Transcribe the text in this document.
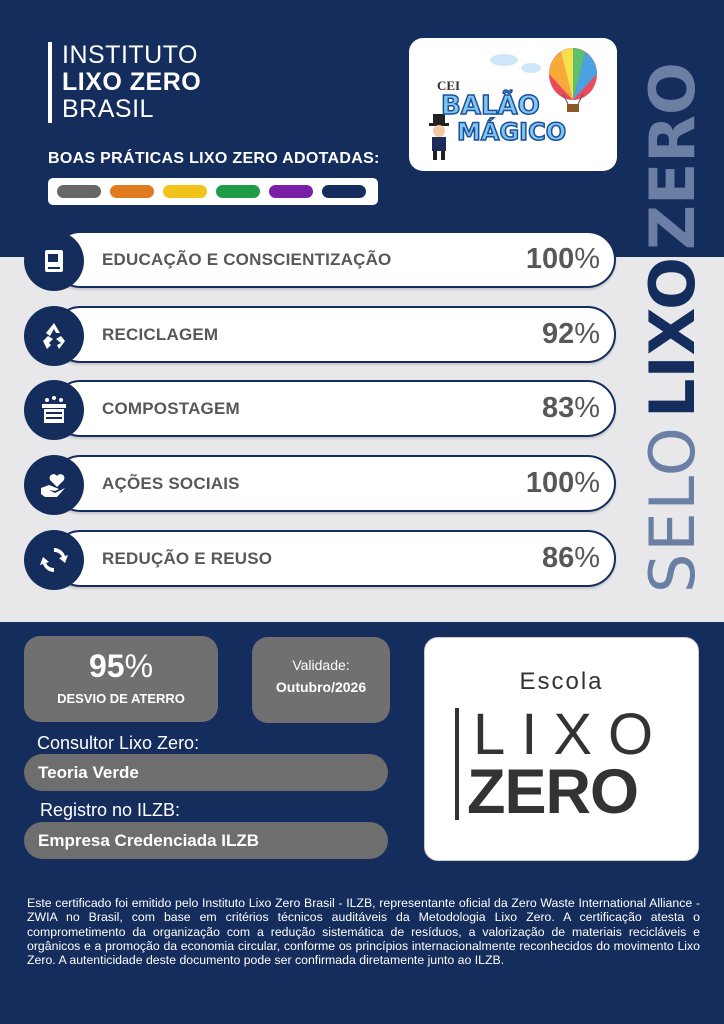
INSTITUTO
LIXO ZERO
BRASIL
BOAS PRÁTICAS LIXO ZERO ADOTADAS:
CEI
BALÃO
MÁGICO
SELO
LIXO
ZERO
EDUCAÇÃO E CONSCIENTIZAÇÃO	100%
RECICLAGEM	92%
COMPOSTAGEM	83%
AÇÕES SOCIAIS	100%
REDUÇÃO E REUSO	86%
95%
DESVIO DE ATERRO
Validade:
Outubro/2026
Consultor Lixo Zero:
Teoria Verde
Registro no ILZB:
Empresa Credenciada ILZB
Escola
LIXO
ZERO
Este certificado foi emitido pelo Instituto Lixo Zero Brasil - ILZB, representante oficial da Zero Waste International Alliance - ZWIA no Brasil, com base em critérios técnicos auditáveis da Metodologia Lixo Zero. A certificação atesta o comprometimento da organização com a redução sistemática de resíduos, a valorização de materiais recicláveis e orgânicos e a promoção da economia circular, conforme os princípios internacionalmente reconhecidos do movimento Lixo Zero. A autenticidade deste documento pode ser confirmada diretamente junto ao ILZB.
